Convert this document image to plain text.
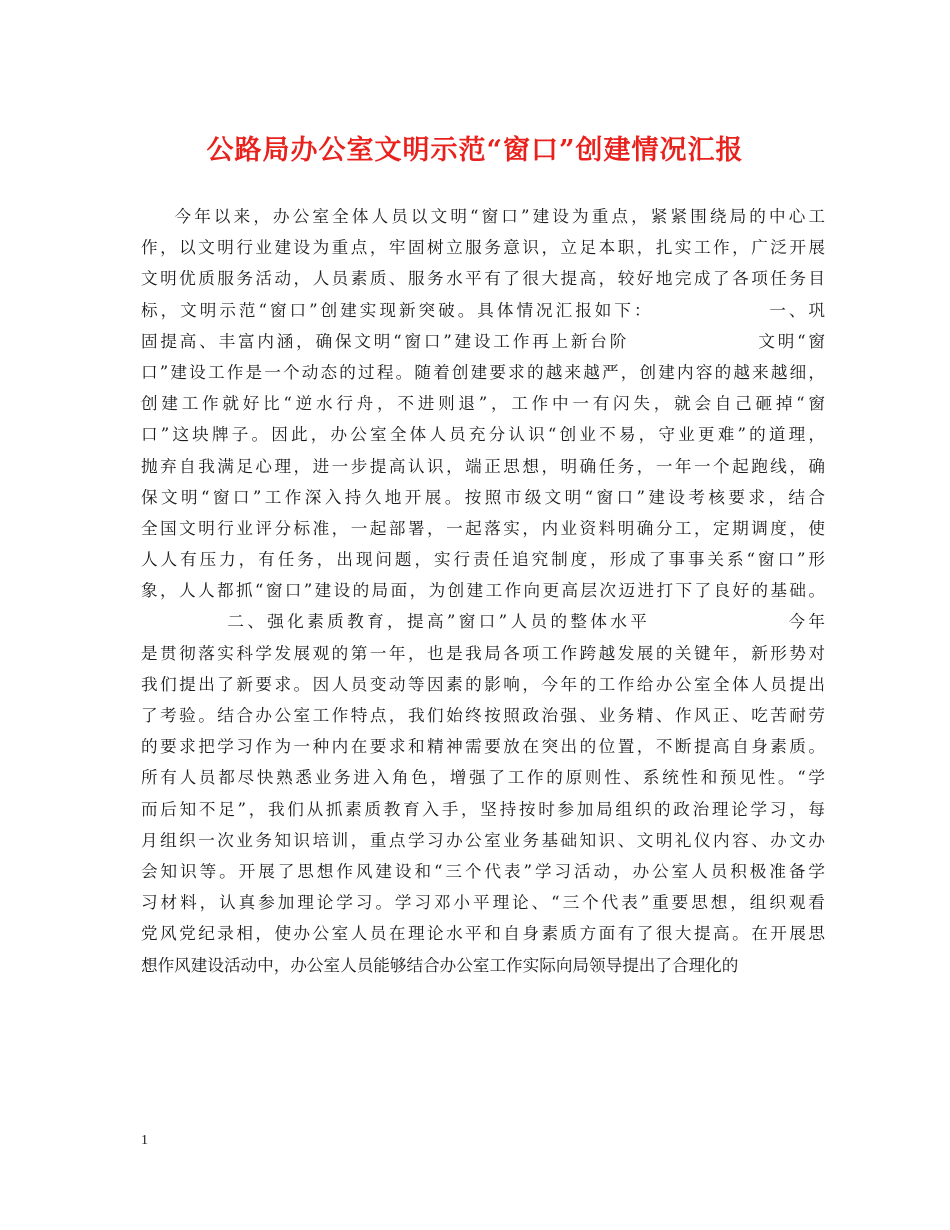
公路局办公室文明示范“窗口”创建情况汇报
今年以来，办公室全体人员以文明“窗口”建设为重点，紧紧围绕局的中心工
作，以文明行业建设为重点，牢固树立服务意识，立足本职，扎实工作，广泛开展
文明优质服务活动，人员素质、服务水平有了很大提高，较好地完成了各项任务目
标，文明示范“窗口”创建实现新突破。具体情况汇报如下：              一、巩
固提高、丰富内涵，确保文明“窗口”建设工作再上新台阶                文明“窗
口”建设工作是一个动态的过程。随着创建要求的越来越严，创建内容的越来越细，
创建工作就好比“逆水行舟，不进则退”，工作中一有闪失，就会自己砸掉“窗
口”这块牌子。因此，办公室全体人员充分认识“创业不易，守业更难”的道理，
抛弃自我满足心理，进一步提高认识，端正思想，明确任务，一年一个起跑线，确
保文明“窗口”工作深入持久地开展。按照市级文明“窗口”建设考核要求，结合
全国文明行业评分标准，一起部署，一起落实，内业资料明确分工，定期调度，使
人人有压力，有任务，出现问题，实行责任追究制度，形成了事事关系“窗口”形
象，人人都抓“窗口”建设的局面，为创建工作向更高层次迈进打下了良好的基础。
二、强化素质教育，提高”窗口”人员的整体水平                今年
是贯彻落实科学发展观的第一年，也是我局各项工作跨越发展的关键年，新形势对
我们提出了新要求。因人员变动等因素的影响，今年的工作给办公室全体人员提出
了考验。结合办公室工作特点，我们始终按照政治强、业务精、作风正、吃苦耐劳
的要求把学习作为一种内在要求和精神需要放在突出的位置，不断提高自身素质。
所有人员都尽快熟悉业务进入角色，增强了工作的原则性、系统性和预见性。“学
而后知不足”，我们从抓素质教育入手，坚持按时参加局组织的政治理论学习，每
月组织一次业务知识培训，重点学习办公室业务基础知识、文明礼仪内容、办文办
会知识等。开展了思想作风建设和“三个代表”学习活动，办公室人员积极准备学
习材料，认真参加理论学习。学习邓小平理论、“三个代表”重要思想，组织观看
党风党纪录相，使办公室人员在理论水平和自身素质方面有了很大提高。在开展思
想作风建设活动中，办公室人员能够结合办公室工作实际向局领导提出了合理化的
1
